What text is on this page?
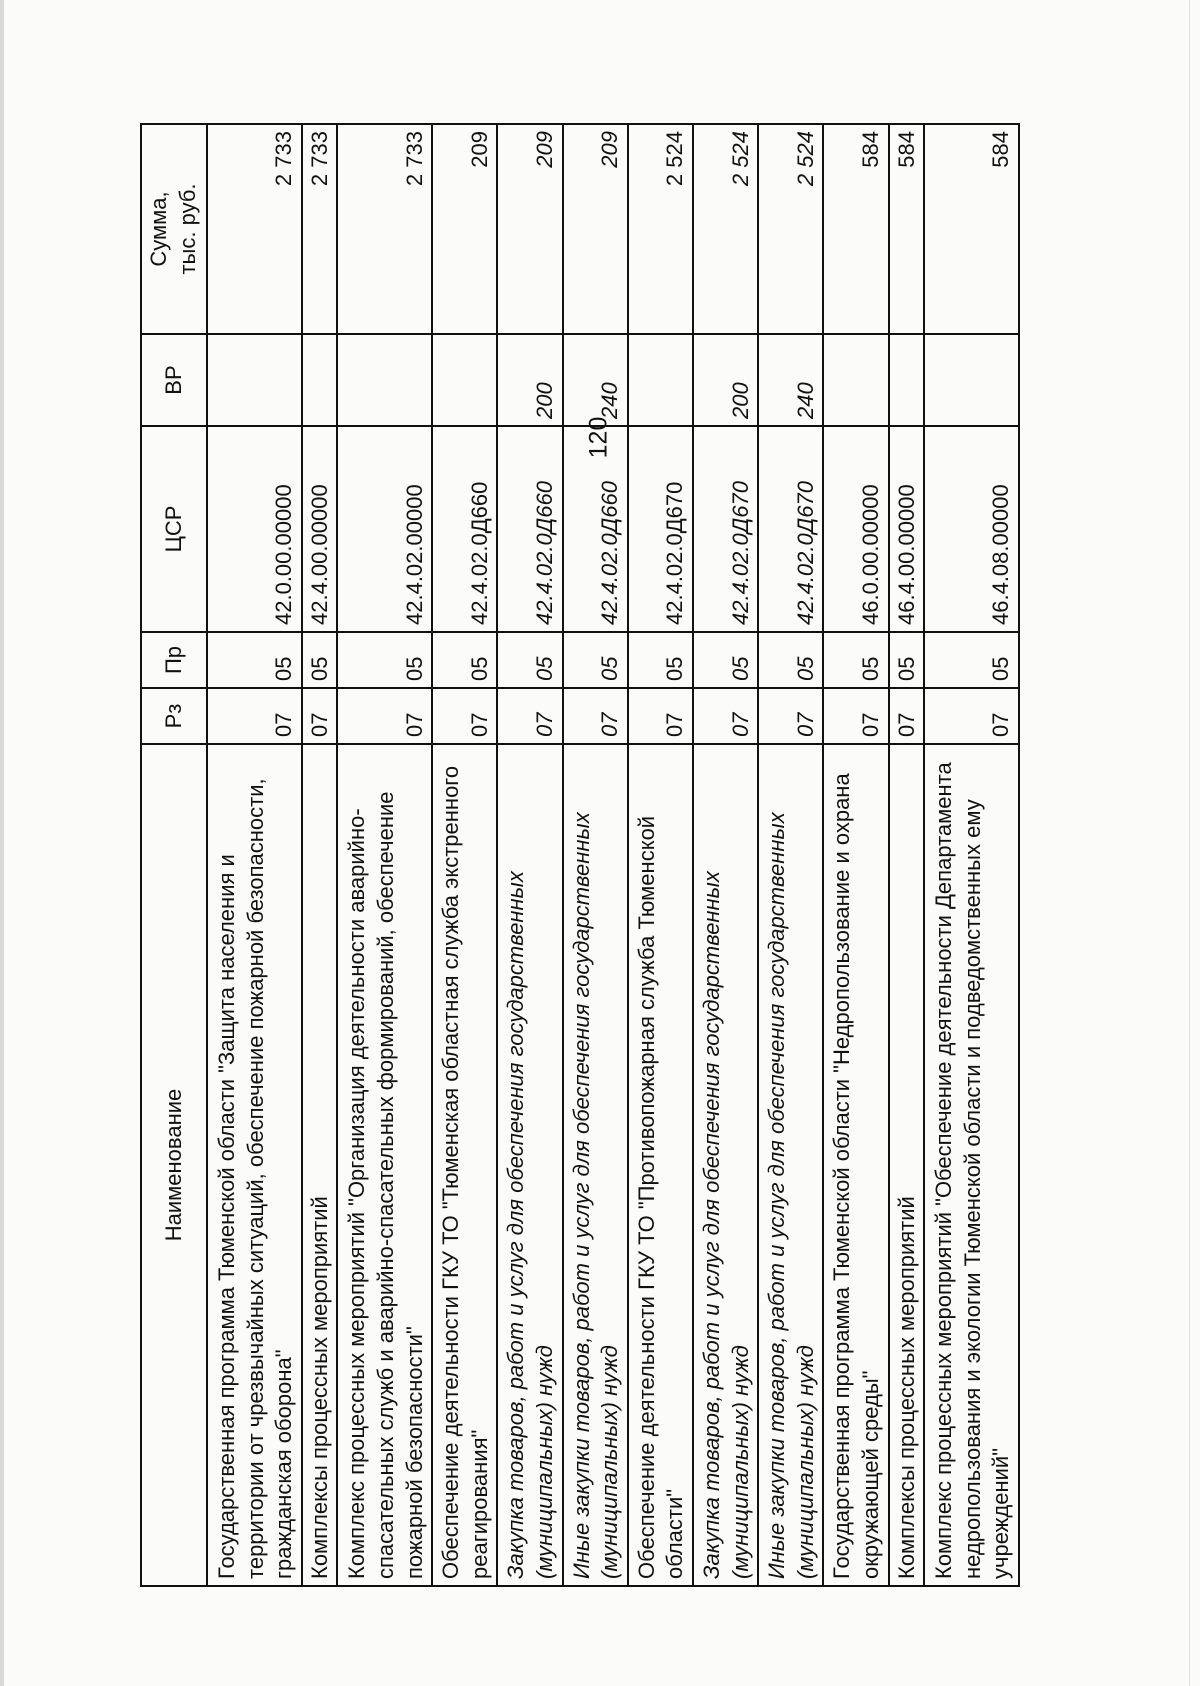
120
Наименование	Рз	Пр	ЦСР	ВР	Сумма, тыс. руб.

Государственная программа Тюменской области "Защита населения и территории от чрезвычайных ситуаций, обеспечение пожарной безопасности, гражданская оборона"	07	05	42.0.00.00000		2 733
Комплексы процессных мероприятий	07	05	42.4.00.00000		2 733
Комплекс процессных мероприятий "Организация деятельности аварийно-спасательных служб и аварийно-спасательных формирований, обеспечение пожарной безопасности"	07	05	42.4.02.00000		2 733
Обеспечение деятельности ГКУ ТО "Тюменская областная служба экстренного реагирования"	07	05	42.4.02.0Д660		209
Закупка товаров, работ и услуг для обеспечения государственных (муниципальных) нужд	07	05	42.4.02.0Д660	200	209
Иные закупки товаров, работ и услуг для обеспечения государственных (муниципальных) нужд	07	05	42.4.02.0Д660	240	209
Обеспечение деятельности ГКУ ТО "Противопожарная служба Тюменской области"	07	05	42.4.02.0Д670		2 524
Закупка товаров, работ и услуг для обеспечения государственных (муниципальных) нужд	07	05	42.4.02.0Д670	200	2 524
Иные закупки товаров, работ и услуг для обеспечения государственных (муниципальных) нужд	07	05	42.4.02.0Д670	240	2 524
Государственная программа Тюменской области "Недропользование и охрана окружающей среды"	07	05	46.0.00.00000		584
Комплексы процессных мероприятий	07	05	46.4.00.00000		584
Комплекс процессных мероприятий "Обеспечение деятельности Департамента недропользования и экологии Тюменской области и подведомственных ему учреждений"	07	05	46.4.08.00000		584
